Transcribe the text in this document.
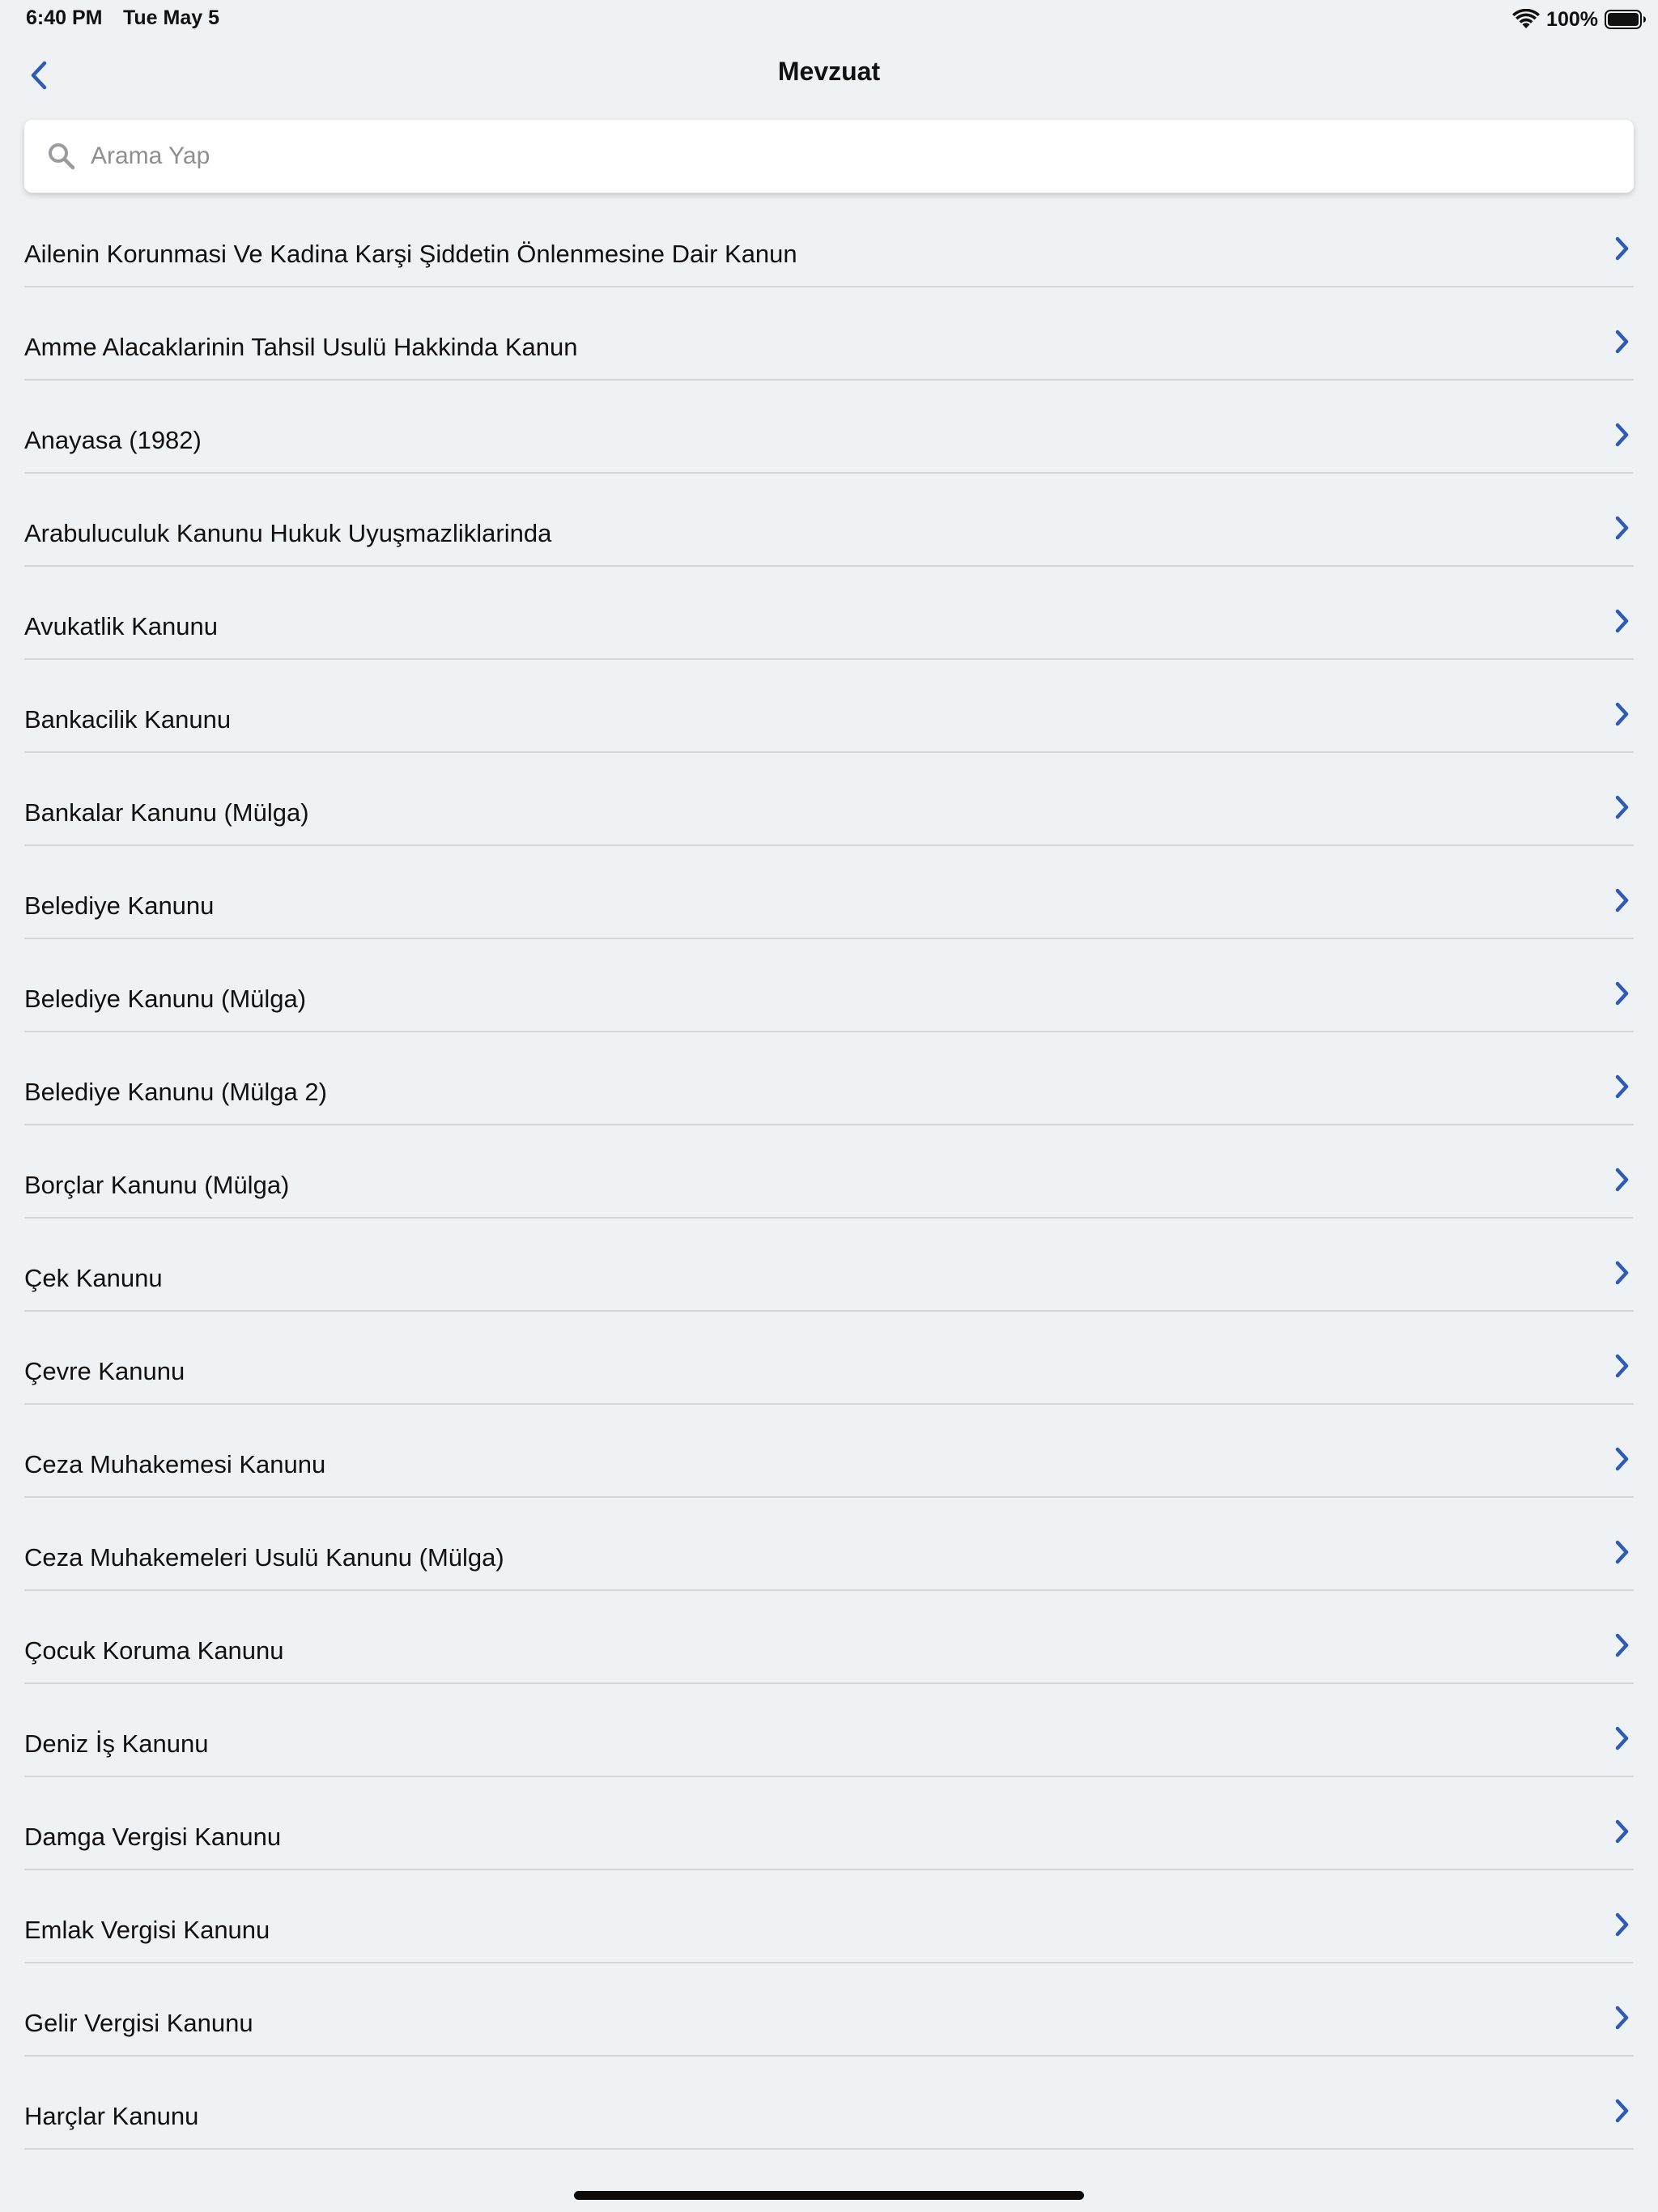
6:40 PM Tue May 5	100%
Mevzuat
Arama Yap
Ailenin Korunmasi Ve Kadina Karşi Şiddetin Önlenmesine Dair Kanun
Amme Alacaklarinin Tahsil Usulü Hakkinda Kanun
Anayasa (1982)
Arabuluculuk Kanunu Hukuk Uyuşmazliklarinda
Avukatlik Kanunu
Bankacilik Kanunu
Bankalar Kanunu (Mülga)
Belediye Kanunu
Belediye Kanunu (Mülga)
Belediye Kanunu (Mülga 2)
Borçlar Kanunu (Mülga)
Çek Kanunu
Çevre Kanunu
Ceza Muhakemesi Kanunu
Ceza Muhakemeleri Usulü Kanunu (Mülga)
Çocuk Koruma Kanunu
Deniz İş Kanunu
Damga Vergisi Kanunu
Emlak Vergisi Kanunu
Gelir Vergisi Kanunu
Harçlar Kanunu
